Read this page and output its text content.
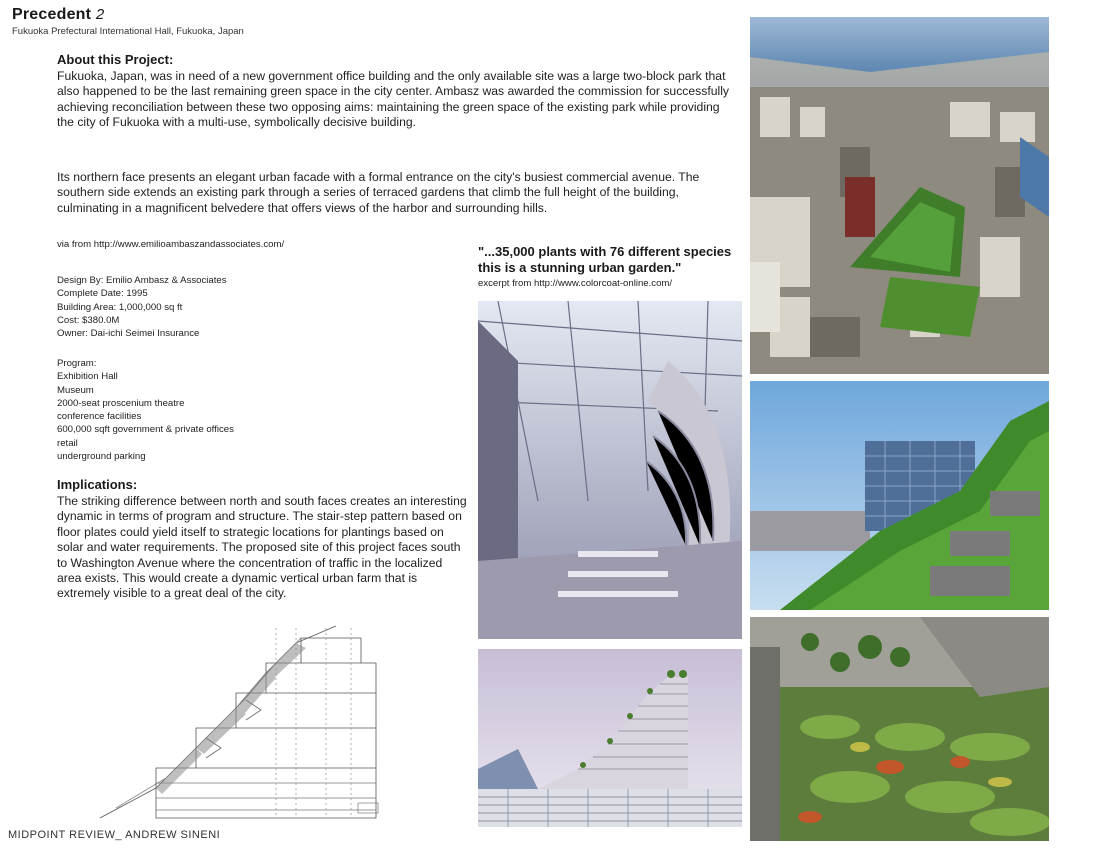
Precedent 2
Fukuoka Prefectural International Hall, Fukuoka, Japan
About this Project:
Fukuoka, Japan, was in need of a new government office building and the only available site was a large two-block park that also happened to be the last remaining green space in the city center. Ambasz was awarded the commission for successfully achieving reconciliation between these two opposing aims: maintaining the green space of the existing park while providing the city of Fukuoka with a multi-use, symbolically decisive building.
Its northern face presents an elegant urban facade with a formal entrance on the city's busiest commercial avenue. The southern side extends an existing park through a series of terraced gardens that climb the full height of the building, culminating in a magnificent belvedere that offers views of the harbor and surrounding hills.
via from http://www.emilioambaszandassociates.com/
Design By: Emilio Ambasz & Associates
Complete Date: 1995
Building Area: 1,000,000 sq ft
Cost: $380.0M
Owner: Dai-ichi Seimei Insurance
Program:
Exhibition Hall
Museum
2000-seat proscenium theatre
conference facilities
600,000 sqft government & private offices
retail
underground parking
Implications:
The striking difference between north and south faces creates an interesting dynamic in terms of program and structure. The stair-step pattern based on floor plates could yield itself to strategic locations for plantings based on solar and water requirements. The proposed site of this project faces south to Washington Avenue where the concentration of traffic in the localized area exists. This would create a dynamic vertical urban farm that is extremely visible to a great deal of the city.
"...35,000 plants with 76 different species
this is a stunning urban garden."
excerpt from http://www.colorcoat-online.com/
MIDPOINT REVIEW_ ANDREW SINENI
